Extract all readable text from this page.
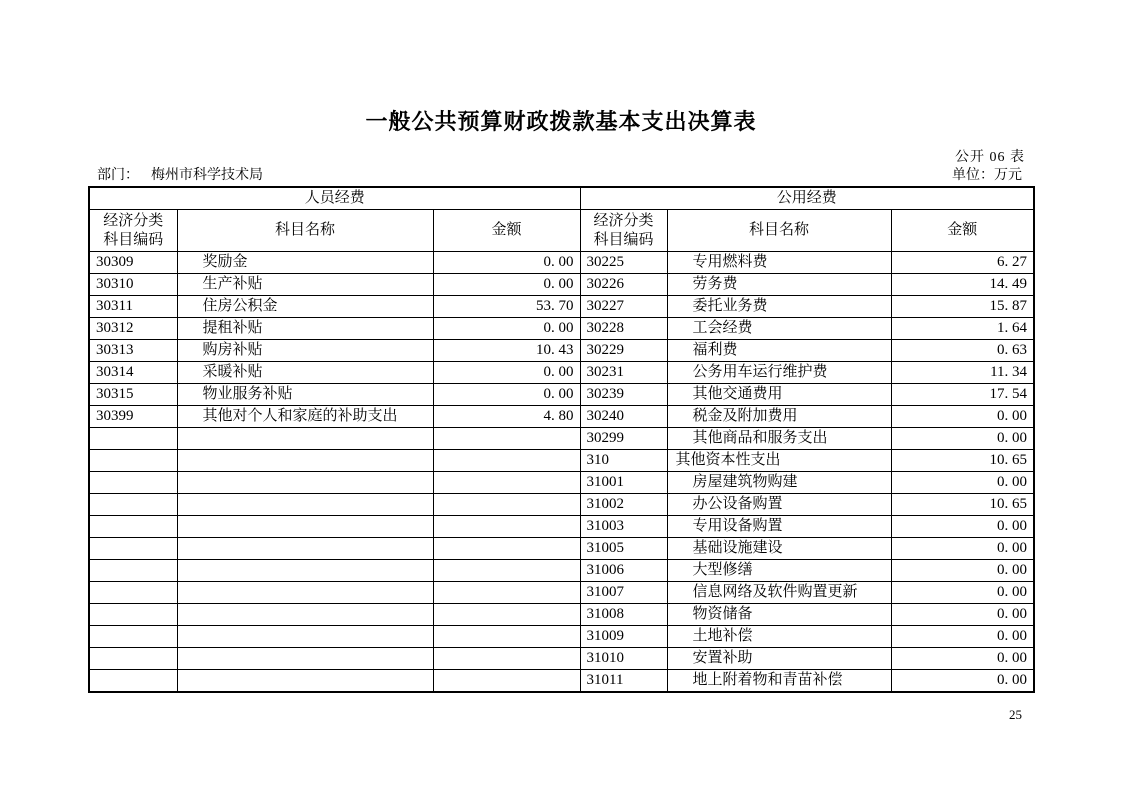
一般公共预算财政拨款基本支出决算表
公开 06 表
部门： 梅州市科学技术局	单位：万元
人员经费			公用经费		

经济分类
科目编码
	科目名称	金额	
经济分类
科目编码
	科目名称	金额
30309	奖励金	0. 00	30225	专用燃料费	6. 27
30310	生产补贴	0. 00	30226	劳务费	14. 49
30311	住房公积金	53. 70	30227	委托业务费	15. 87
30312	提租补贴	0. 00	30228	工会经费	1. 64
30313	购房补贴	10. 43	30229	福利费	0. 63
30314	采暖补贴	0. 00	30231	公务用车运行维护费	11. 34
30315	物业服务补贴	0. 00	30239	其他交通费用	17. 54
30399	其他对个人和家庭的补助支出	4. 80	30240	税金及附加费用	0. 00
			30299	其他商品和服务支出	0. 00
			310	其他资本性支出	10. 65
			31001	房屋建筑物购建	0. 00
			31002	办公设备购置	10. 65
			31003	专用设备购置	0. 00
			31005	基础设施建设	0. 00
			31006	大型修缮	0. 00
			31007	信息网络及软件购置更新	0. 00
			31008	物资储备	0. 00
			31009	土地补偿	0. 00
			31010	安置补助	0. 00
			31011	地上附着物和青苗补偿	0. 00
25
